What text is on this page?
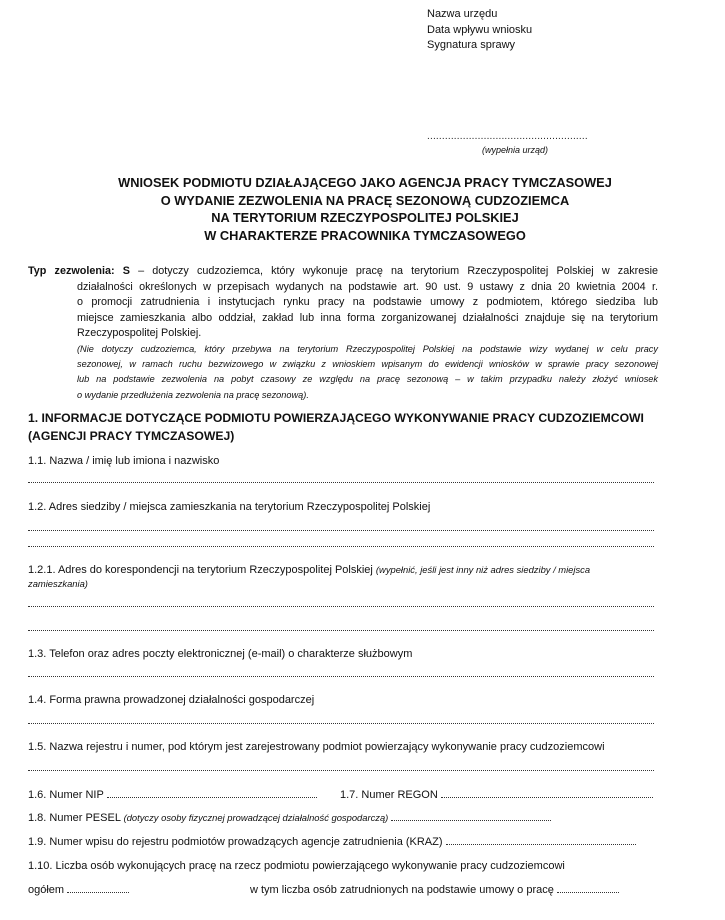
Nazwa urzędu
Data wpływu wniosku
Sygnatura sprawy
......................................................
(wypełnia urząd)
WNIOSEK PODMIOTU DZIAŁAJĄCEGO JAKO AGENCJA PRACY TYMCZASOWEJ
O WYDANIE ZEZWOLENIA NA PRACĘ SEZONOWĄ CUDZOZIEMCA
NA TERYTORIUM RZECZYPOSPOLITEJ POLSKIEJ
W CHARAKTERZE PRACOWNIKA TYMCZASOWEGO
Typ zezwolenia: S – dotyczy cudzoziemca, który wykonuje pracę na terytorium Rzeczypospolitej Polskiej w zakresie
działalności określonych w przepisach wydanych na podstawie art. 90 ust. 9 ustawy z dnia 20 kwietnia 2004 r.
o promocji zatrudnienia i instytucjach rynku pracy na podstawie umowy z podmiotem, którego siedziba lub
miejsce zamieszkania albo oddział, zakład lub inna forma zorganizowanej działalności znajduje się na terytorium
Rzeczypospolitej Polskiej.
(Nie dotyczy cudzoziemca, który przebywa na terytorium Rzeczypospolitej Polskiej na podstawie wizy wydanej w celu pracy
sezonowej, w ramach ruchu bezwizowego w związku z wnioskiem wpisanym do ewidencji wniosków w sprawie pracy sezonowej
lub na podstawie zezwolenia na pobyt czasowy ze względu na pracę sezonową – w takim przypadku należy złożyć wniosek
o wydanie przedłużenia zezwolenia na pracę sezonową).
1. INFORMACJE DOTYCZĄCE PODMIOTU POWIERZAJĄCEGO WYKONYWANIE PRACY CUDZOZIEMCOWI
(AGENCJI PRACY TYMCZASOWEJ)
1.1. Nazwa / imię lub imiona i nazwisko
1.2. Adres siedziby / miejsca zamieszkania na terytorium Rzeczypospolitej Polskiej
1.2.1. Adres do korespondencji na terytorium Rzeczypospolitej Polskiej (wypełnić, jeśli jest inny niż adres siedziby / miejsca
zamieszkania)
1.3. Telefon oraz adres poczty elektronicznej (e-mail) o charakterze służbowym
1.4. Forma prawna prowadzonej działalności gospodarczej
1.5. Nazwa rejestru i numer, pod którym jest zarejestrowany podmiot powierzający wykonywanie pracy cudzoziemcowi
1.6. Numer NIP	1.7. Numer REGON
1.8. Numer PESEL (dotyczy osoby fizycznej prowadzącej działalność gospodarczą)
1.9. Numer wpisu do rejestru podmiotów prowadzących agencje zatrudnienia (KRAZ)
1.10. Liczba osób wykonujących pracę na rzecz podmiotu powierzającego wykonywanie pracy cudzoziemcowi
ogółem	w tym liczba osób zatrudnionych na podstawie umowy o pracę
